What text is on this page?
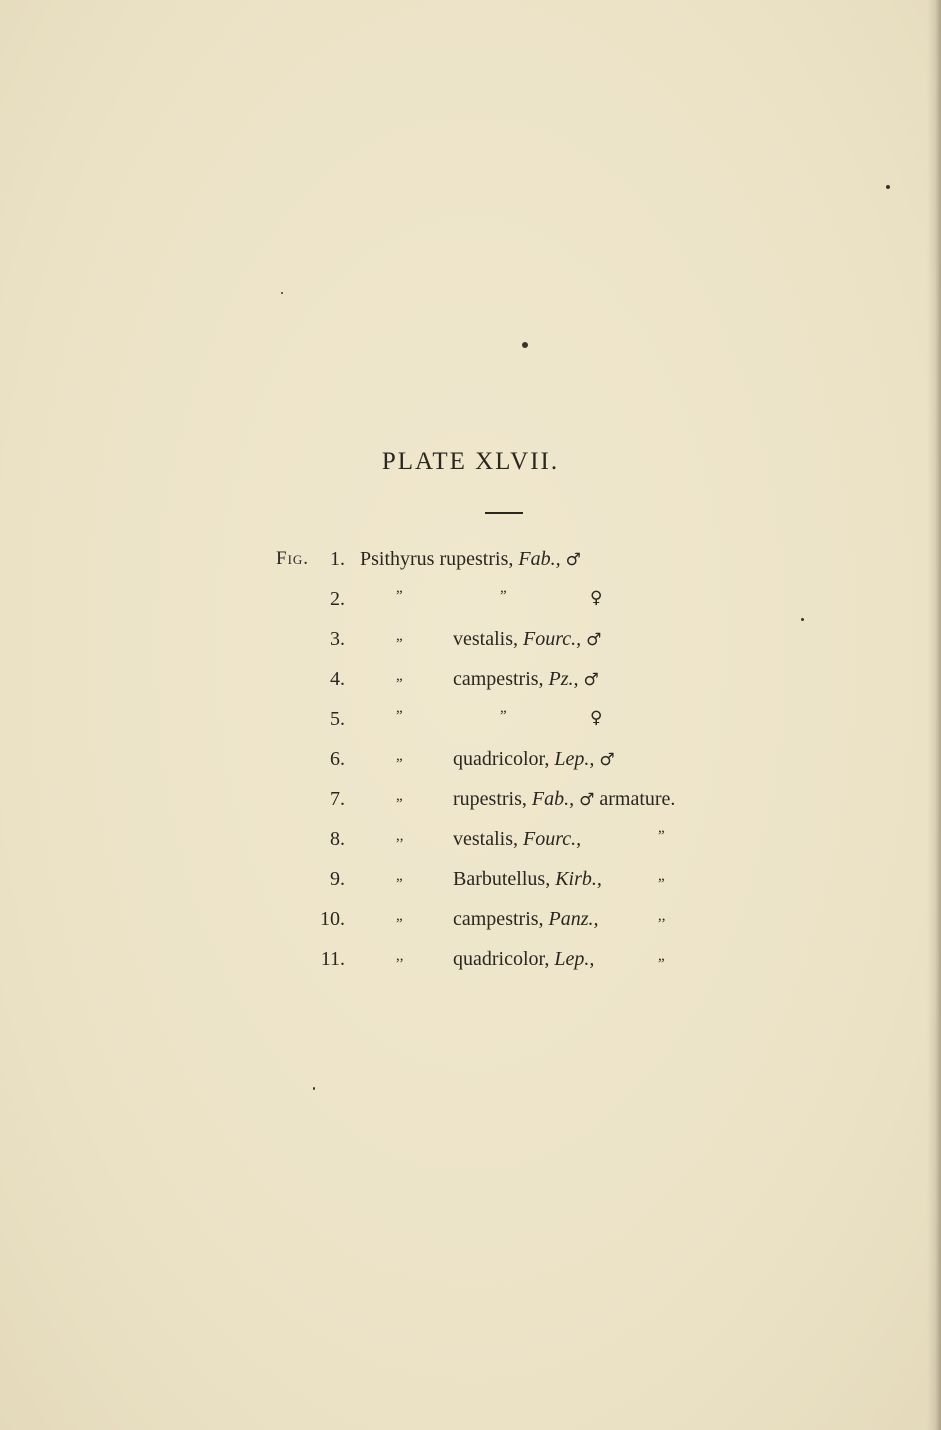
PLATE XLVII.
Fig. 1. Psithyrus rupestris, Fab., ♂
2.	”	”	♀
3.	„	vestalis, Fourc., ♂
4.	„	campestris, Pz., ♂
5.	”	”	♀
6.	„	quadricolor, Lep., ♂
7.	„	rupestris, Fab., ♂ armature.
8.	,, vestalis, Fourc.,	”
9.	„	Barbutellus, Kirb.,	„
10.	„	campestris, Panz.,	,,
11.	,, quadricolor, Lep.,	„
